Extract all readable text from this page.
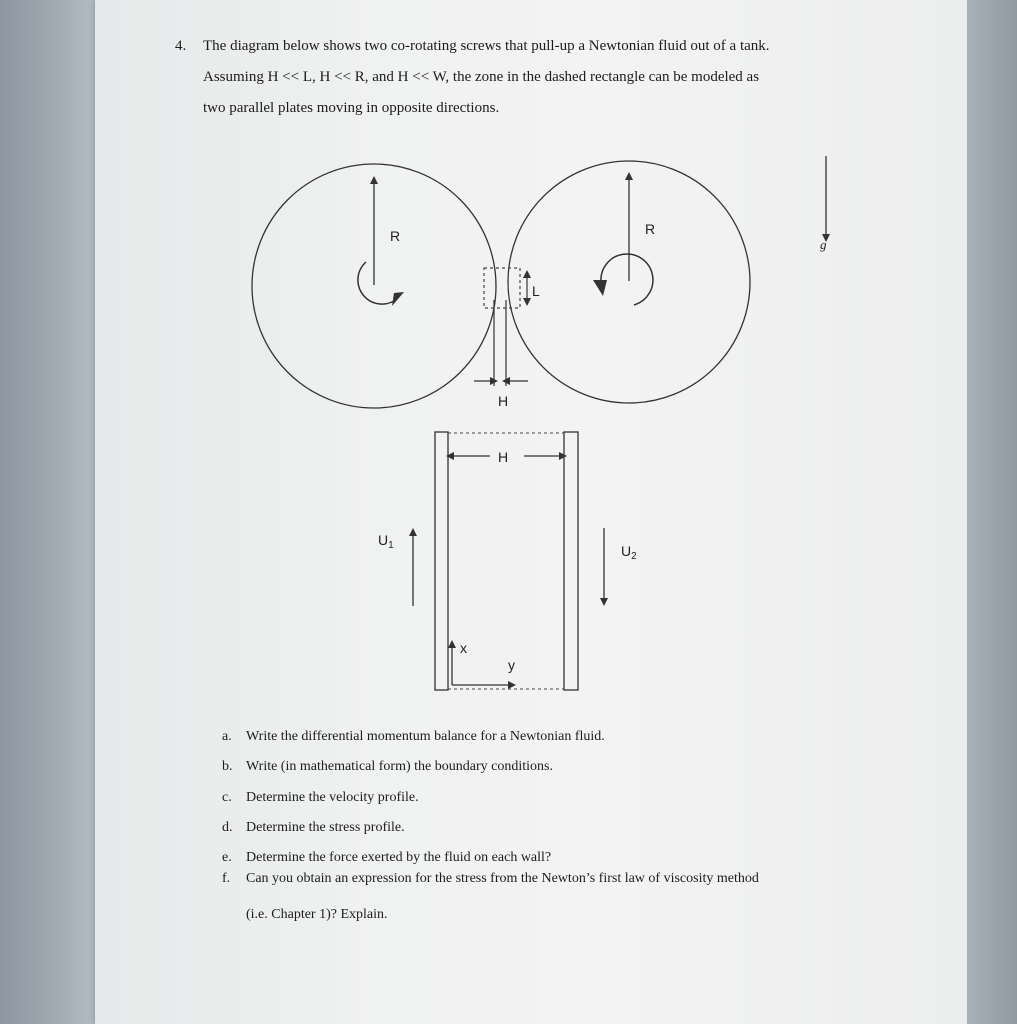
4. The diagram below shows two co-rotating screws that pull-up a Newtonian fluid out of a tank.
Assuming H << L, H << R, and H << W, the zone in the dashed rectangle can be modeled as
two parallel plates moving in opposite directions.
R	R
L
H
g
H
$U_1$	$U_2$
x
y
a.	Write the differential momentum balance for a Newtonian fluid.
b. Write (in mathematical form) the boundary conditions.
c.	Determine the velocity profile.
d. Determine the stress profile.
e.	Determine the force exerted by the fluid on each wall?
f.	Can you obtain an expression for the stress from the Newton’s first law of viscosity method
(i.e. Chapter 1)? Explain.
